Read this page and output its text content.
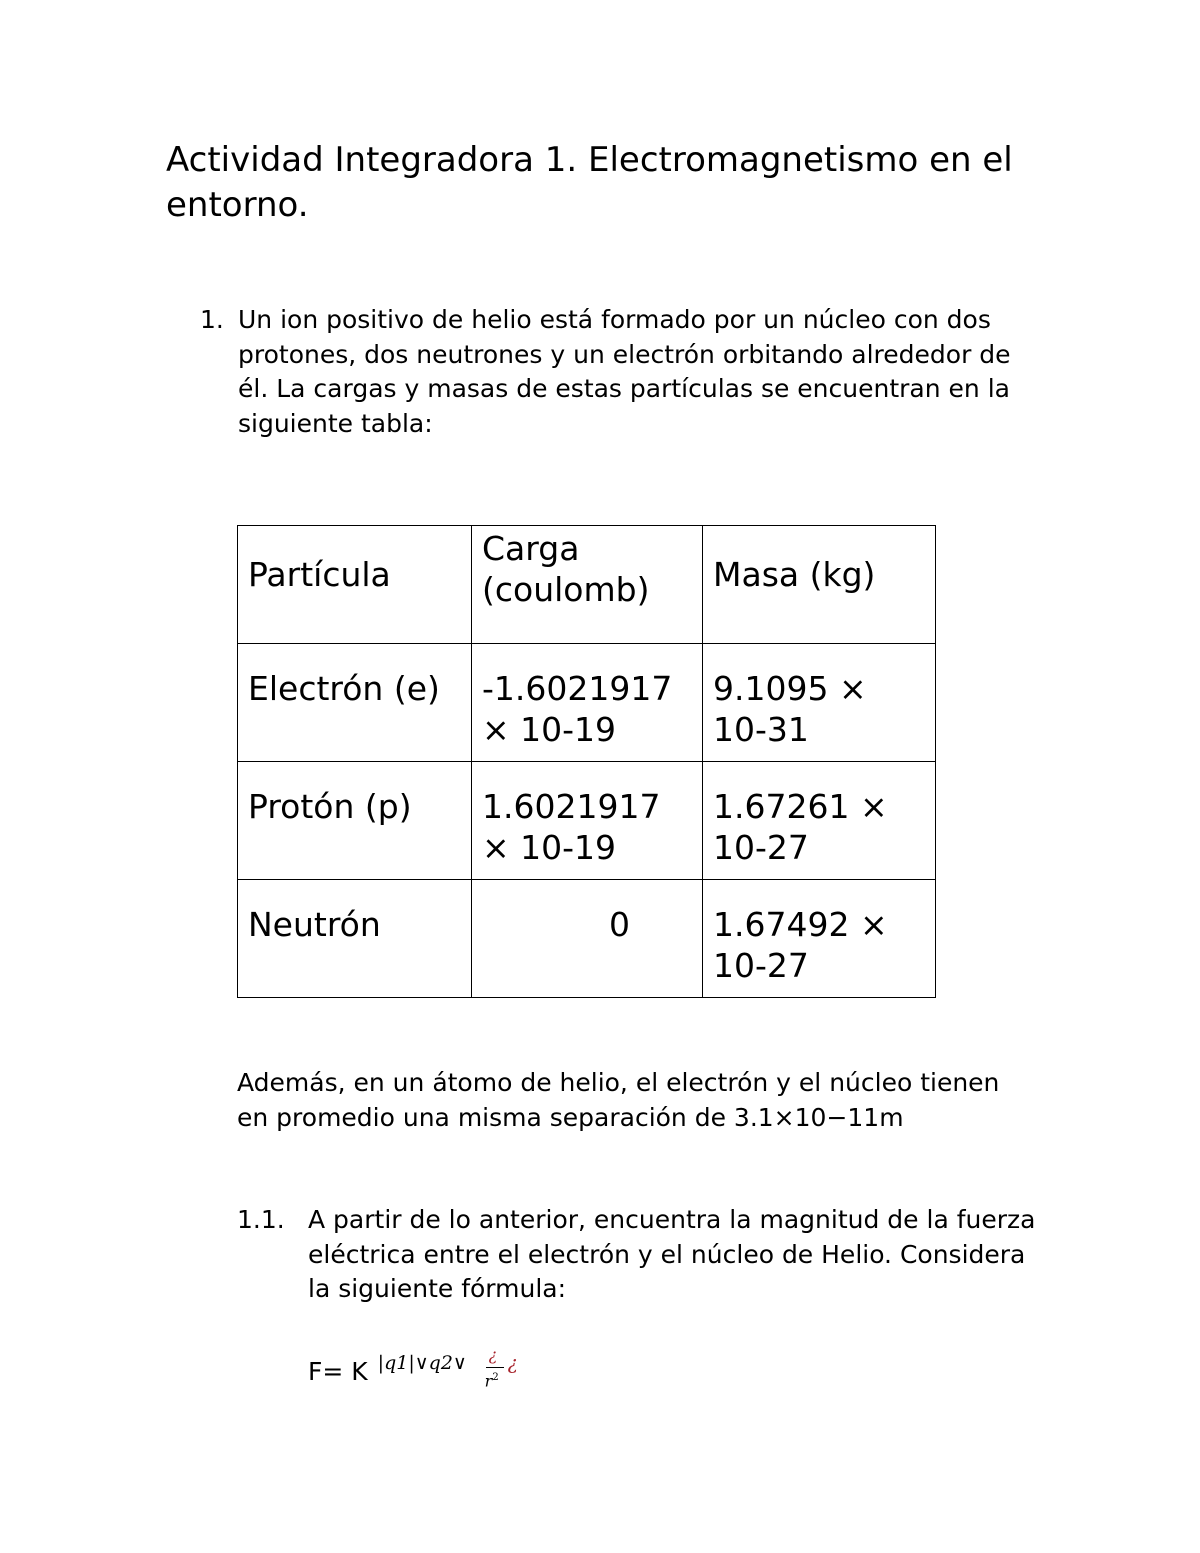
Actividad Integradora 1. Electromagnetismo en el entorno.
1. Un ion positivo de helio está formado por un núcleo con dos protones, dos neutrones y un electrón orbitando alrededor de él. La cargas y masas de estas partículas se encuentran en la siguiente tabla:
Partícula	Carga (coulomb)	Masa (kg)
Electrón (e)	-1.6021917 × 10-19	9.1095 × 10-31
Protón (p)	1.6021917 × 10-19	1.67261 × 10-27
Neutrón	0	1.67492 × 10-27

Además, en un átomo de helio, el electrón y el núcleo tienen en promedio una misma separación de 3.1×10−11m

1.1. A partir de lo anterior, encuentra la magnitud de la fuerza eléctrica entre el electrón y el núcleo de Helio. Considera la siguiente fórmula:
F= K |q1|∨q2∨ ¿
$r^2$
¿
